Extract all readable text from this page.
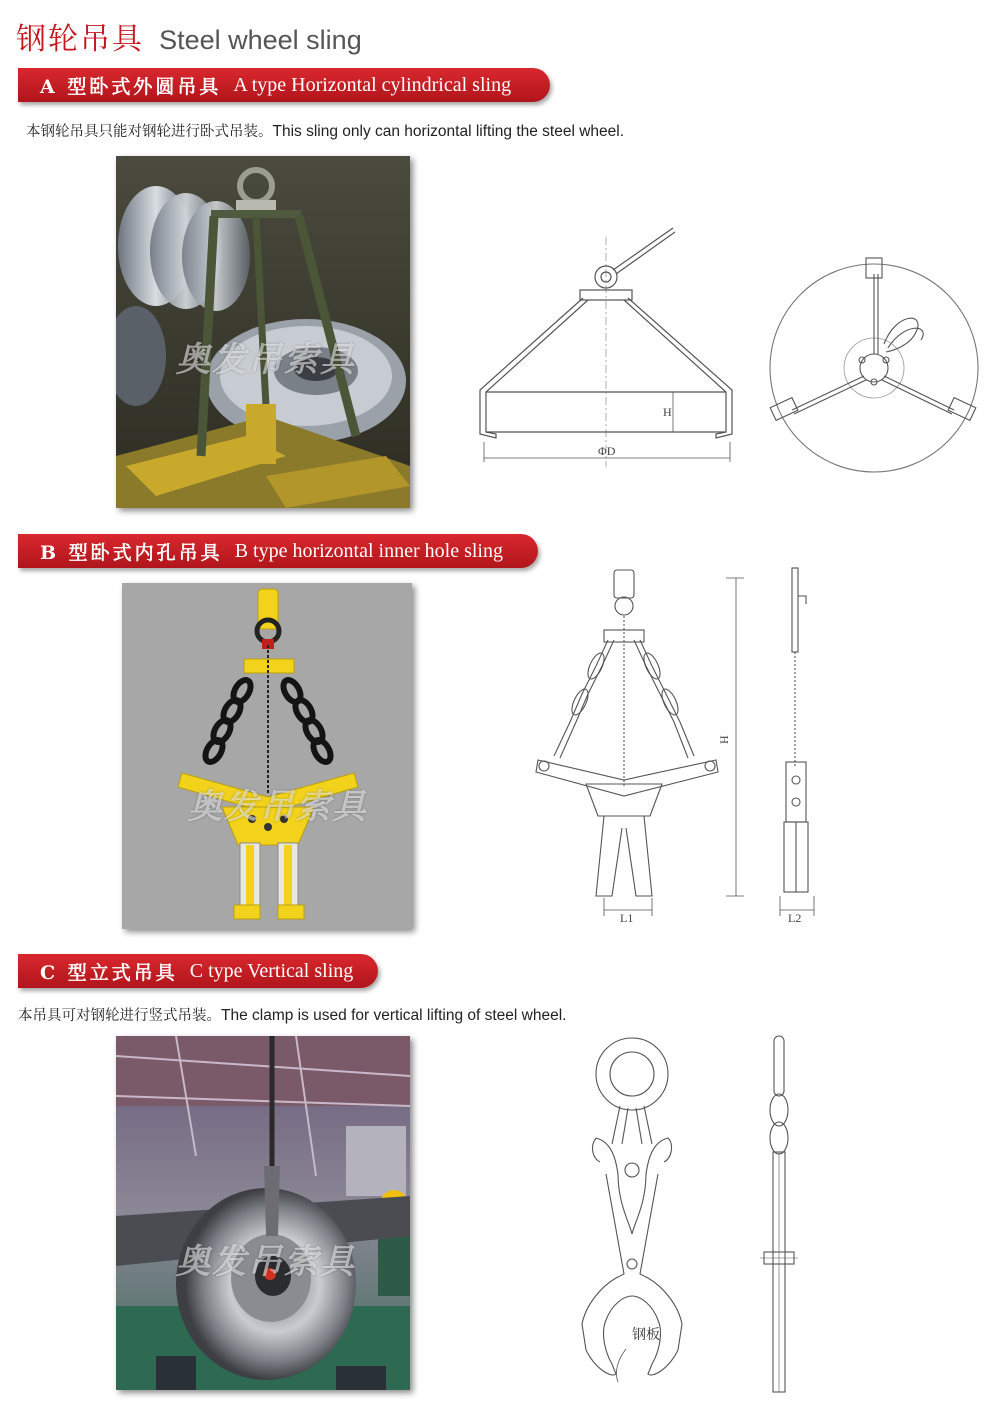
钢轮吊具 Steel wheel sling
A 型卧式外圆吊具 A type Horizontal cylindrical sling
本钢轮吊具只能对钢轮进行卧式吊装。This sling only can horizontal lifting the steel wheel.
奥发吊索具
H
ΦD
B 型卧式内孔吊具 B type horizontal inner hole sling
奥发吊索具
H
L1	L2
C 型立式吊具 C type Vertical sling
本吊具可对钢轮进行竖式吊装。The clamp is used for vertical lifting of steel wheel.
奥发吊索具
钢板
